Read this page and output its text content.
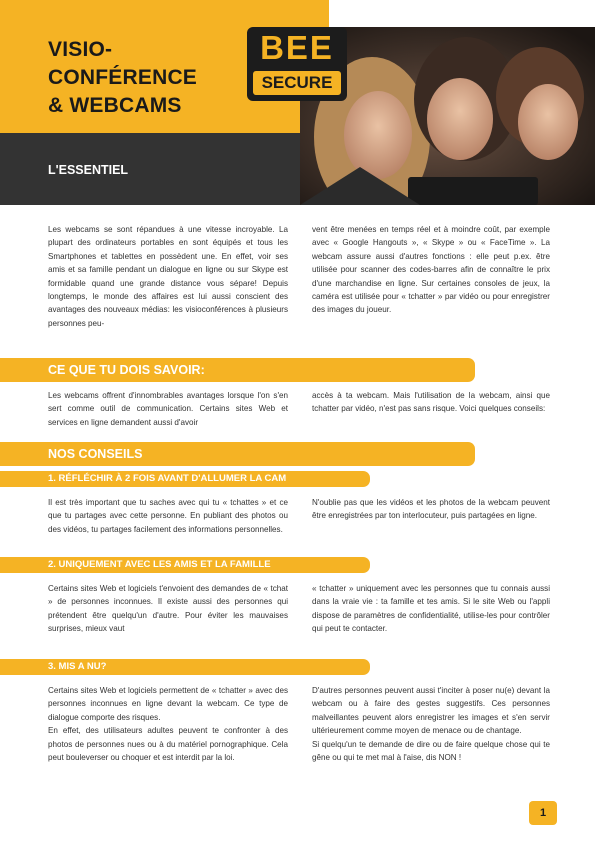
VISIO-
CONFÉRENCE
& WEBCAMS
L'ESSENTIEL
BEE
SECURE

Les webcams se sont répandues à une vitesse incroyable. La plupart des ordinateurs portables en sont équipés et tous les Smartphones et tablettes en possèdent une. En effet, voir ses amis et sa famille pendant un dialogue en ligne ou sur Skype est formidable quand une grande distance vous sépare! Depuis longtemps, le monde des affaires est lui aussi conscient des avantages des nouveaux médias: les visioconférences à plusieurs personnes peu-

vent être menées en temps réel et à moindre coût, par exemple avec « Google Hangouts », « Skype » ou « FaceTime ». La webcam assure aussi d'autres fonctions : elle peut p.ex. être utilisée pour scanner des codes-barres afin de connaître le prix d'une marchandise en ligne. Sur certaines consoles de jeux, la caméra est utilisée pour « tchatter » par vidéo ou pour enregistrer des images du joueur.

CE QUE TU DOIS SAVOIR:

Les webcams offrent d'innombrables avantages lorsque l'on s'en sert comme outil de communication. Certains sites Web et services en ligne demandent aussi d'avoir

accès à ta webcam. Mais l'utilisation de la webcam, ainsi que tchatter par vidéo, n'est pas sans risque. Voici quelques conseils:

NOS CONSEILS
1. RÉFLÉCHIR À 2 FOIS AVANT D'ALLUMER LA CAM

Il est très important que tu saches avec qui tu « tchattes » et ce que tu partages avec cette personne. En publiant des photos ou des vidéos, tu partages facilement des informations personnelles.

N'oublie pas que les vidéos et les photos de la webcam peuvent être enregistrées par ton interlocuteur, puis partagées en ligne.

2. UNIQUEMENT AVEC LES AMIS ET LA FAMILLE

Certains sites Web et logiciels t'envoient des demandes de « tchat » de personnes inconnues. Il existe aussi des personnes qui prétendent être quelqu'un d'autre. Pour éviter les mauvaises surprises, mieux vaut

« tchatter » uniquement avec les personnes que tu connais aussi dans la vraie vie : ta famille et tes amis. Si le site Web ou l'appli dispose de paramètres de confidentialité, utilise-les pour contrôler qui peut te contacter.

3. MIS A NU?

Certains sites Web et logiciels permettent de « tchatter » avec des personnes inconnues en ligne devant la webcam. Ce type de dialogue comporte des risques.
En effet, des utilisateurs adultes peuvent te confronter à des photos de personnes nues ou à du matériel pornographique. Cela peut bouleverser ou choquer et est interdit par la loi.

D'autres personnes peuvent aussi t'inciter à poser nu(e) devant la webcam ou à faire des gestes suggestifs. Ces personnes malveillantes peuvent alors enregistrer les images et s'en servir ultérieurement comme moyen de menace ou de chantage.
Si quelqu'un te demande de dire ou de faire quelque chose qui te gêne ou qui te met mal à l'aise, dis NON !

1
